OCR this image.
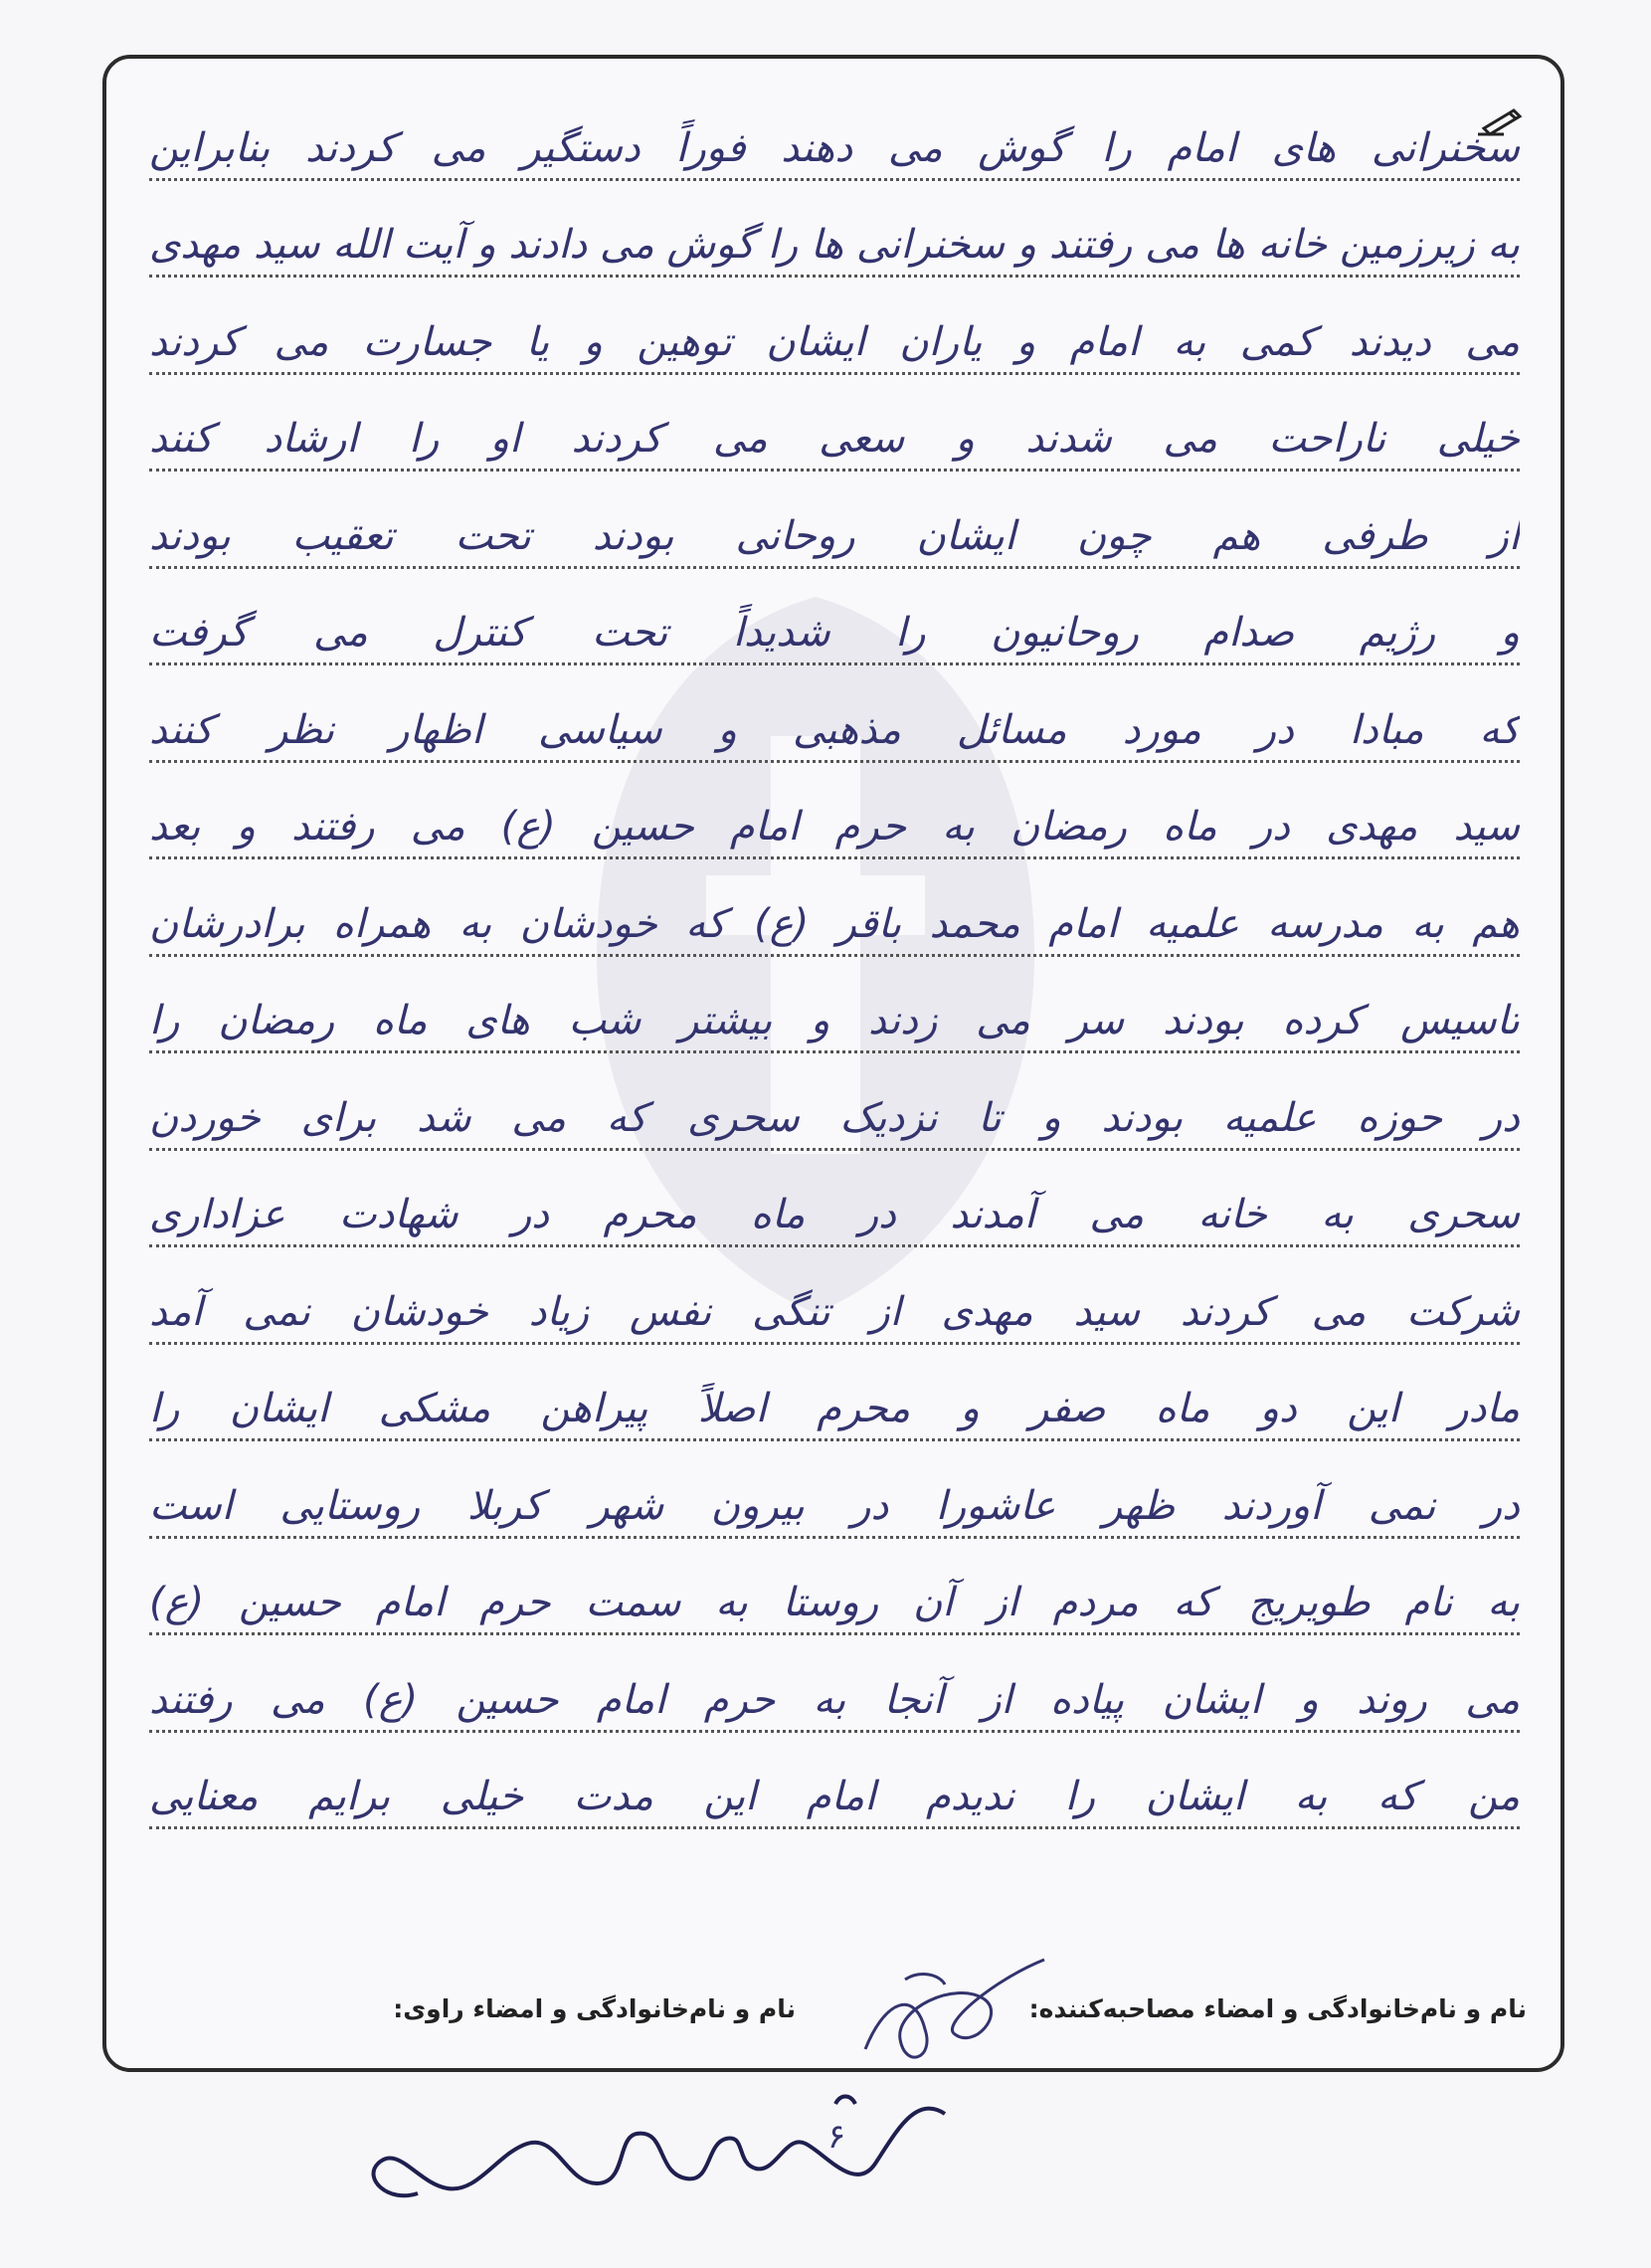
سخنرانی های امام را گوش می دهند فوراً دستگیر می کردند بنابراین
به زیرزمین خانه ها می رفتند و سخنرانی ها را گوش می دادند و آیت الله سید مهدی
می دیدند کمی به امام و یاران ایشان توهین و یا جسارت می کردند
خیلی ناراحت می شدند و سعی می کردند او را ارشاد کنند
از طرفی هم چون ایشان روحانی بودند تحت تعقیب بودند
و رژیم صدام روحانیون را شدیداً تحت کنترل می گرفت
که مبادا در مورد مسائل مذهبی و سیاسی اظهار نظر کنند
سید مهدی در ماه رمضان به حرم امام حسین (ع) می رفتند و بعد
هم به مدرسه علمیه امام محمد باقر (ع) که خودشان به همراه برادرشان
تاسیس کرده بودند سر می زدند و بیشتر شب های ماه رمضان را
در حوزه علمیه بودند و تا نزدیک سحری که می شد برای خوردن
سحری به خانه می آمدند در ماه محرم در شهادت عزاداری
شرکت می کردند سید مهدی از تنگی نفس زیاد خودشان نمی آمد
مادر این دو ماه صفر و محرم اصلاً پیراهن مشکی ایشان را
در نمی آوردند ظهر عاشورا در بیرون شهر کربلا روستایی است
به نام طویریج که مردم از آن روستا به سمت حرم امام حسین (ع)
می روند و ایشان پیاده از آنجا به حرم امام حسین (ع) می رفتند
من که به ایشان را ندیدم امام این مدت خیلی برایم معنایی
نام و نام‌خانوادگی و امضاء مصاحبه‌کننده:
نام و نام‌خانوادگی و امضاء راوی:
۶
